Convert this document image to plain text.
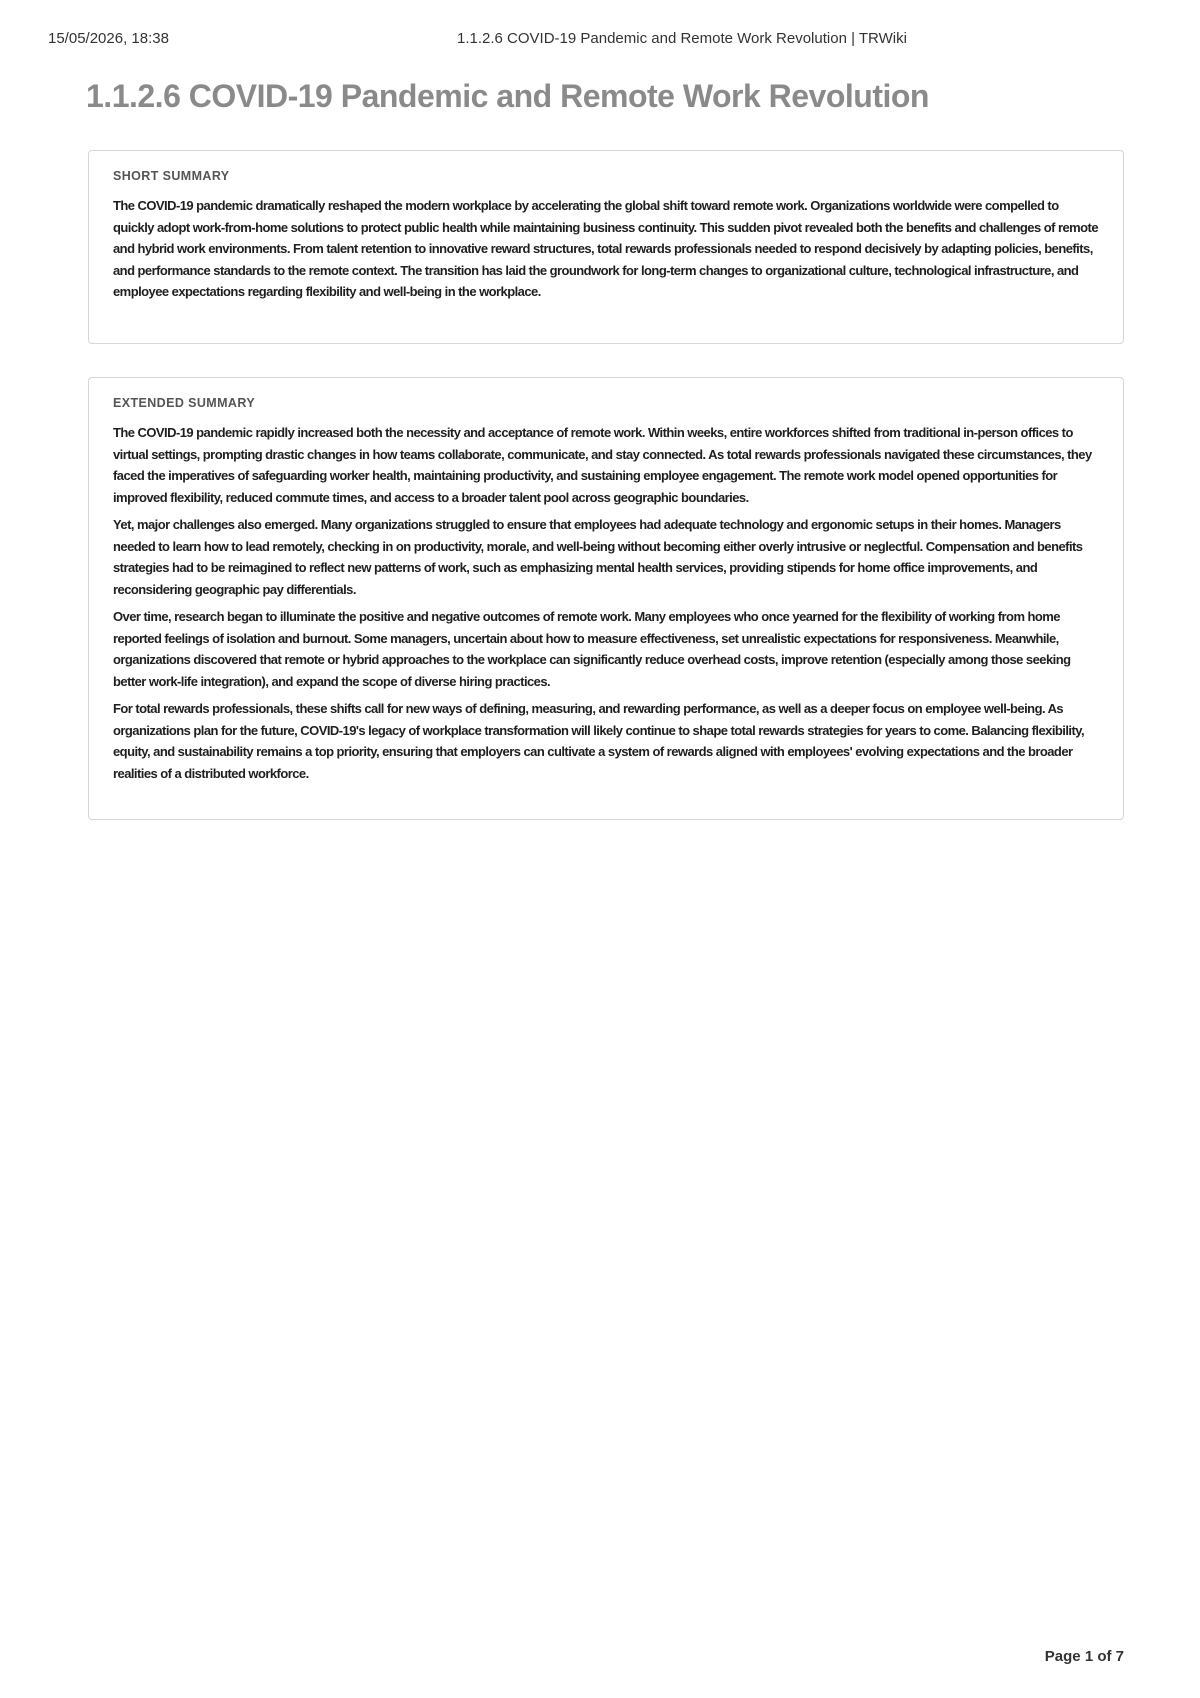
15/05/2026, 18:38	1.1.2.6 COVID-19 Pandemic and Remote Work Revolution | TRWiki
1.1.2.6 COVID-19 Pandemic and Remote Work Revolution
SHORT SUMMARY

The COVID-19 pandemic dramatically reshaped the modern workplace by accelerating the global shift toward remote work. Organizations worldwide were compelled to quickly adopt work-from-home solutions to protect public health while maintaining business continuity. This sudden pivot revealed both the benefits and challenges of remote and hybrid work environments. From talent retention to innovative reward structures, total rewards professionals needed to respond decisively by adapting policies, benefits, and performance standards to the remote context. The transition has laid the groundwork for long-term changes to organizational culture, technological infrastructure, and employee expectations regarding flexibility and well-being in the workplace.

EXTENDED SUMMARY

The COVID-19 pandemic rapidly increased both the necessity and acceptance of remote work. Within weeks, entire workforces shifted from traditional in-person offices to virtual settings, prompting drastic changes in how teams collaborate, communicate, and stay connected. As total rewards professionals navigated these circumstances, they faced the imperatives of safeguarding worker health, maintaining productivity, and sustaining employee engagement. The remote work model opened opportunities for improved flexibility, reduced commute times, and access to a broader talent pool across geographic boundaries.

Yet, major challenges also emerged. Many organizations struggled to ensure that employees had adequate technology and ergonomic setups in their homes. Managers needed to learn how to lead remotely, checking in on productivity, morale, and well-being without becoming either overly intrusive or neglectful. Compensation and benefits strategies had to be reimagined to reflect new patterns of work, such as emphasizing mental health services, providing stipends for home office improvements, and reconsidering geographic pay differentials.

Over time, research began to illuminate the positive and negative outcomes of remote work. Many employees who once yearned for the flexibility of working from home reported feelings of isolation and burnout. Some managers, uncertain about how to measure effectiveness, set unrealistic expectations for responsiveness. Meanwhile, organizations discovered that remote or hybrid approaches to the workplace can significantly reduce overhead costs, improve retention (especially among those seeking better work-life integration), and expand the scope of diverse hiring practices.

For total rewards professionals, these shifts call for new ways of defining, measuring, and rewarding performance, as well as a deeper focus on employee well-being. As organizations plan for the future, COVID-19's legacy of workplace transformation will likely continue to shape total rewards strategies for years to come. Balancing flexibility, equity, and sustainability remains a top priority, ensuring that employers can cultivate a system of rewards aligned with employees' evolving expectations and the broader realities of a distributed workforce.

Page 1 of 7
